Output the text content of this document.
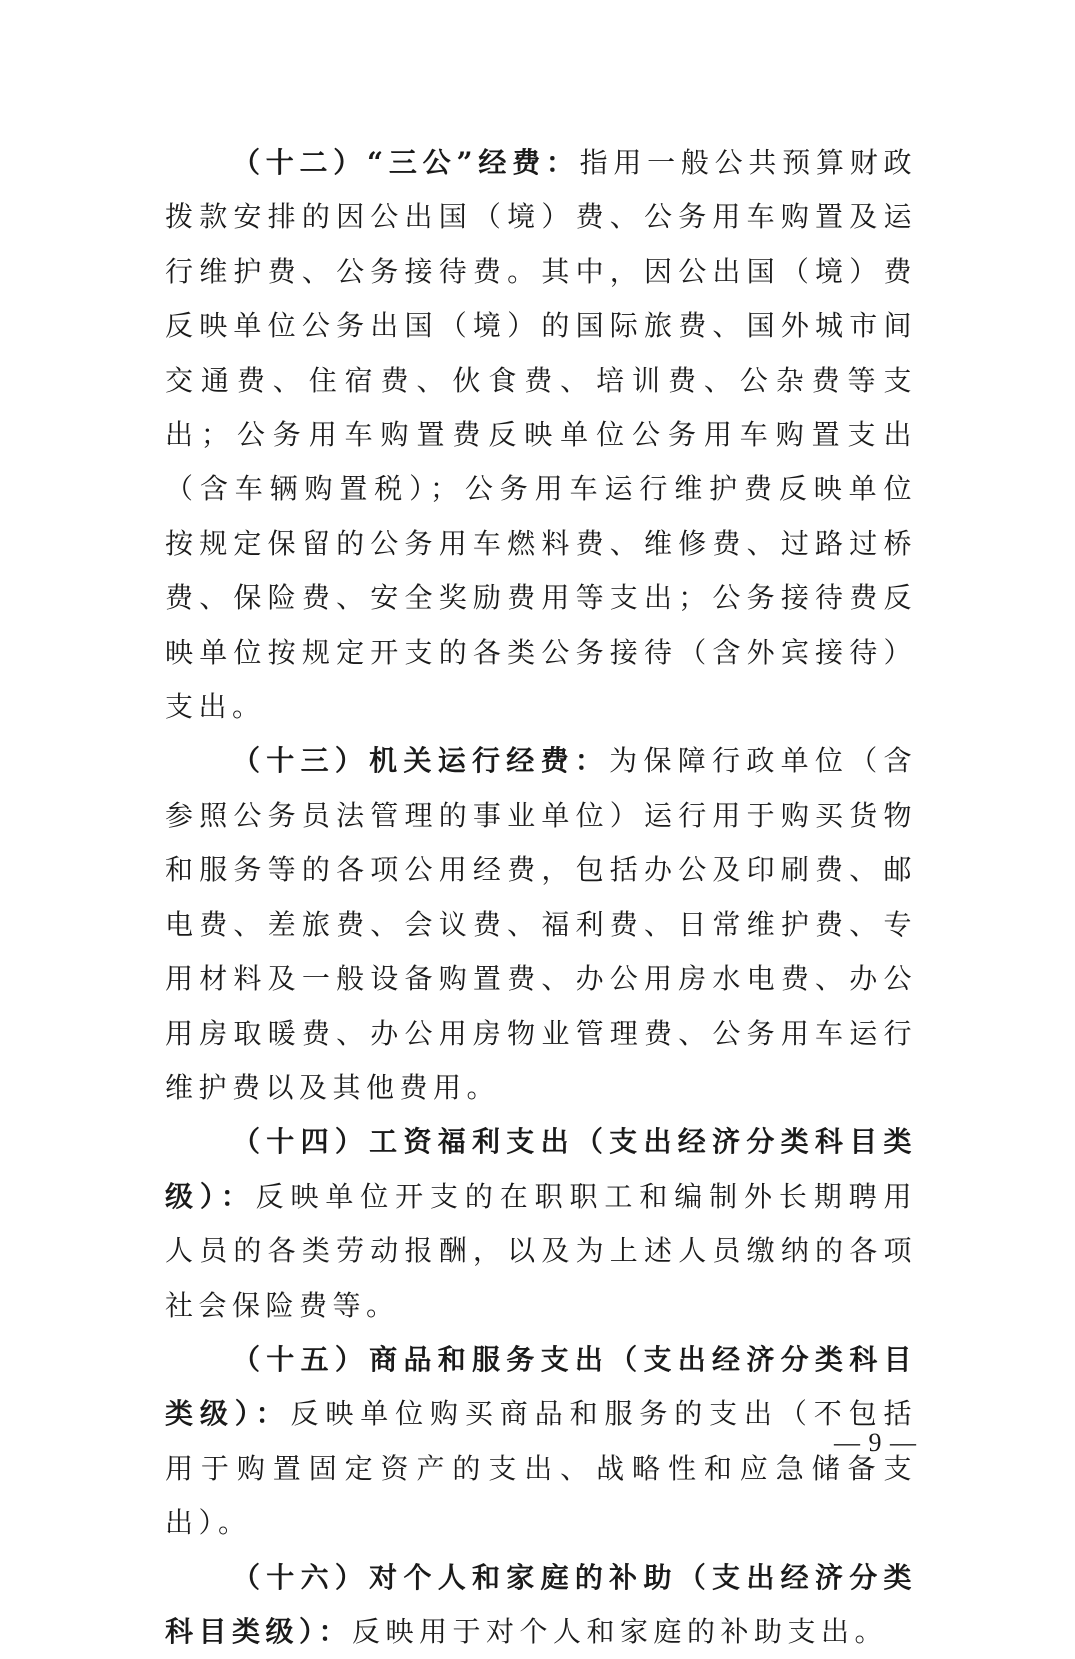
（十二）“三公”经费：指用一般公共预算财政拨款安排的因公出国（境）费、公务用车购置及运行维护费、公务接待费。其中，因公出国（境）费反映单位公务出国（境）的国际旅费、国外城市间交通费、住宿费、伙食费、培训费、公杂费等支出；公务用车购置费反映单位公务用车购置支出（含车辆购置税）；公务用车运行维护费反映单位按规定保留的公务用车燃料费、维修费、过路过桥费、保险费、安全奖励费用等支出；公务接待费反映单位按规定开支的各类公务接待（含外宾接待）支出。

（十三）机关运行经费：为保障行政单位（含参照公务员法管理的事业单位）运行用于购买货物和服务等的各项公用经费，包括办公及印刷费、邮电费、差旅费、会议费、福利费、日常维护费、专用材料及一般设备购置费、办公用房水电费、办公用房取暖费、办公用房物业管理费、公务用车运行维护费以及其他费用。

（十四）工资福利支出（支出经济分类科目类级）：反映单位开支的在职职工和编制外长期聘用人员的各类劳动报酬，以及为上述人员缴纳的各项社会保险费等。

（十五）商品和服务支出（支出经济分类科目类级）：反映单位购买商品和服务的支出（不包括用于购置固定资产的支出、战略性和应急储备支出）。

（十六）对个人和家庭的补助（支出经济分类科目类级）：反映用于对个人和家庭的补助支出。

— 9 —
